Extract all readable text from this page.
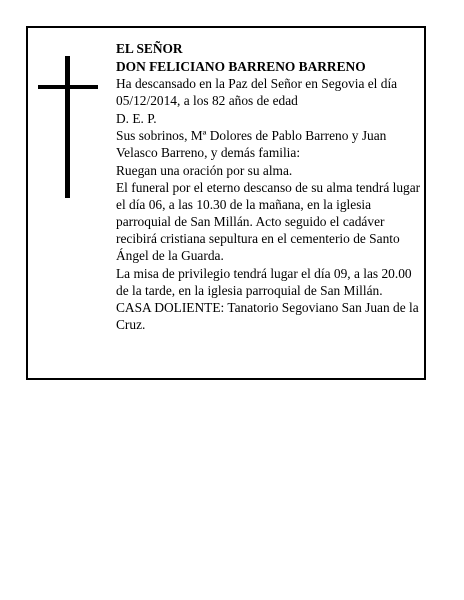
EL SEÑOR

DON FELICIANO BARRENO BARRENO

Ha descansado en la Paz del Señor en Segovia el día 05/12/2014, a los 82 años de edad

D. E. P.

Sus sobrinos, Mª Dolores de Pablo Barreno y Juan Velasco Barreno, y demás familia:

Ruegan una oración por su alma.

El funeral por el eterno descanso de su alma tendrá lugar el día 06, a las 10.30 de la mañana, en la iglesia parroquial de San Millán. Acto seguido el cadáver recibirá cristiana sepultura en el cementerio de Santo Ángel de la Guarda.

La misa de privilegio tendrá lugar el día 09, a las 20.00 de la tarde, en la iglesia parroquial de San Millán.

CASA DOLIENTE: Tanatorio Segoviano San Juan de la Cruz.
